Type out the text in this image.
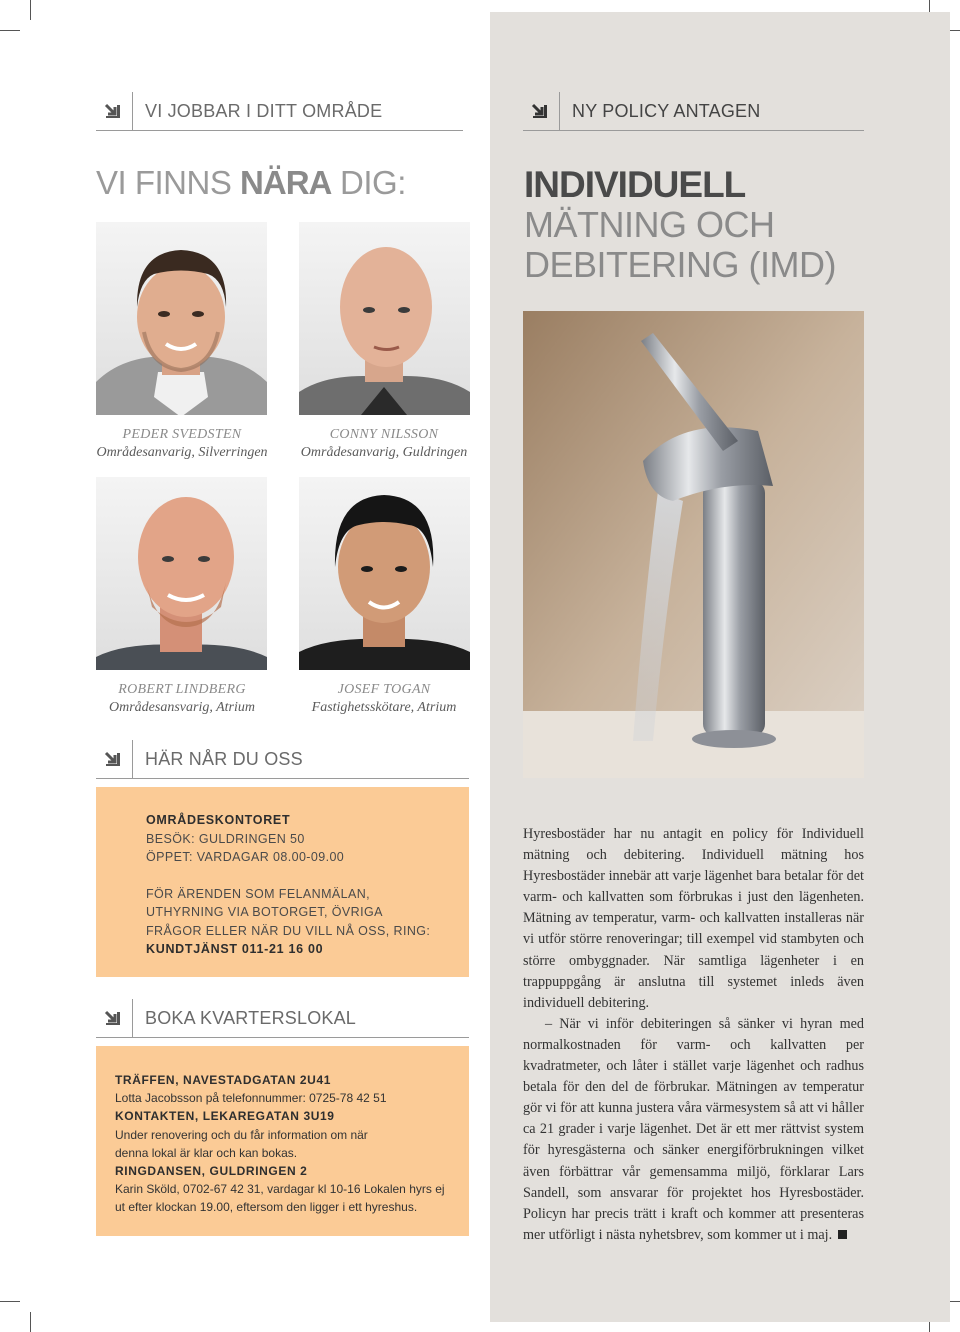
VI JOBBAR I DITT OMRÅDE
VI FINNS NÄRA DIG:
PEDER SVEDSTEN
Områdesanvarig, Silverringen
CONNY NILSSON
Områdesanvarig, Guldringen
ROBERT LINDBERG
Områdesansvarig, Atrium
JOSEF TOGAN
Fastighetsskötare, Atrium
HÄR NÅR DU OSS
OMRÅDESKONTORET
BESÖK: GULDRINGEN 50
ÖPPET: VARDAGAR 08.00-09.00
FÖR ÄRENDEN SOM FELANMÄLAN,
UTHYRNING VIA BOTORGET, ÖVRIGA
FRÅGOR ELLER NÄR DU VILL NÅ OSS, RING:
KUNDTJÄNST 011-21 16 00
BOKA KVARTERSLOKAL
TRÄFFEN, NAVESTADGATAN 2U41
Lotta Jacobsson på telefonnummer: 0725-78 42 51
KONTAKTEN, LEKAREGATAN 3U19
Under renovering och du får information om när
denna lokal är klar och kan bokas.
RINGDANSEN, GULDRINGEN 2
Karin Sköld, 0702-67 42 31, vardagar kl 10-16 Lokalen hyrs ej
ut efter klockan 19.00, eftersom den ligger i ett hyreshus.
NY POLICY ANTAGEN
INDIVIDUELL
MÄTNING OCH
DEBITERING (IMD)

Hyresbostäder har nu antagit en policy för Individuell mätning och debitering. Individuell mätning hos Hyresbostäder innebär att varje lägenhet bara betalar för det varm- och kallvatten som förbrukas i just den lägenheten. Mätning av temperatur, varm- och kallvatten installeras när vi utför större renoveringar; till exempel vid stambyten och större ombyggnader. När samtliga lägenheter i en trappuppgång är anslutna till systemet inleds även individuell debitering.

– När vi inför debiteringen så sänker vi hyran med normalkostnaden för varm- och kallvatten per kvadratmeter, och låter i stället varje lägenhet och radhus betala för den del de förbrukar. Mätningen av temperatur gör vi för att kunna justera våra värmesystem så att vi håller ca 21 grader i varje lägenhet. Det är ett mer rättvist system för hyresgästerna och sänker energiförbrukningen vilket även förbättrar vår gemensamma miljö, förklarar Lars Sandell, som ansvarar för projektet hos Hyresbostäder. Policyn har precis trätt i kraft och kommer att presenteras mer utförligt i nästa nyhetsbrev, som kommer ut i maj.
